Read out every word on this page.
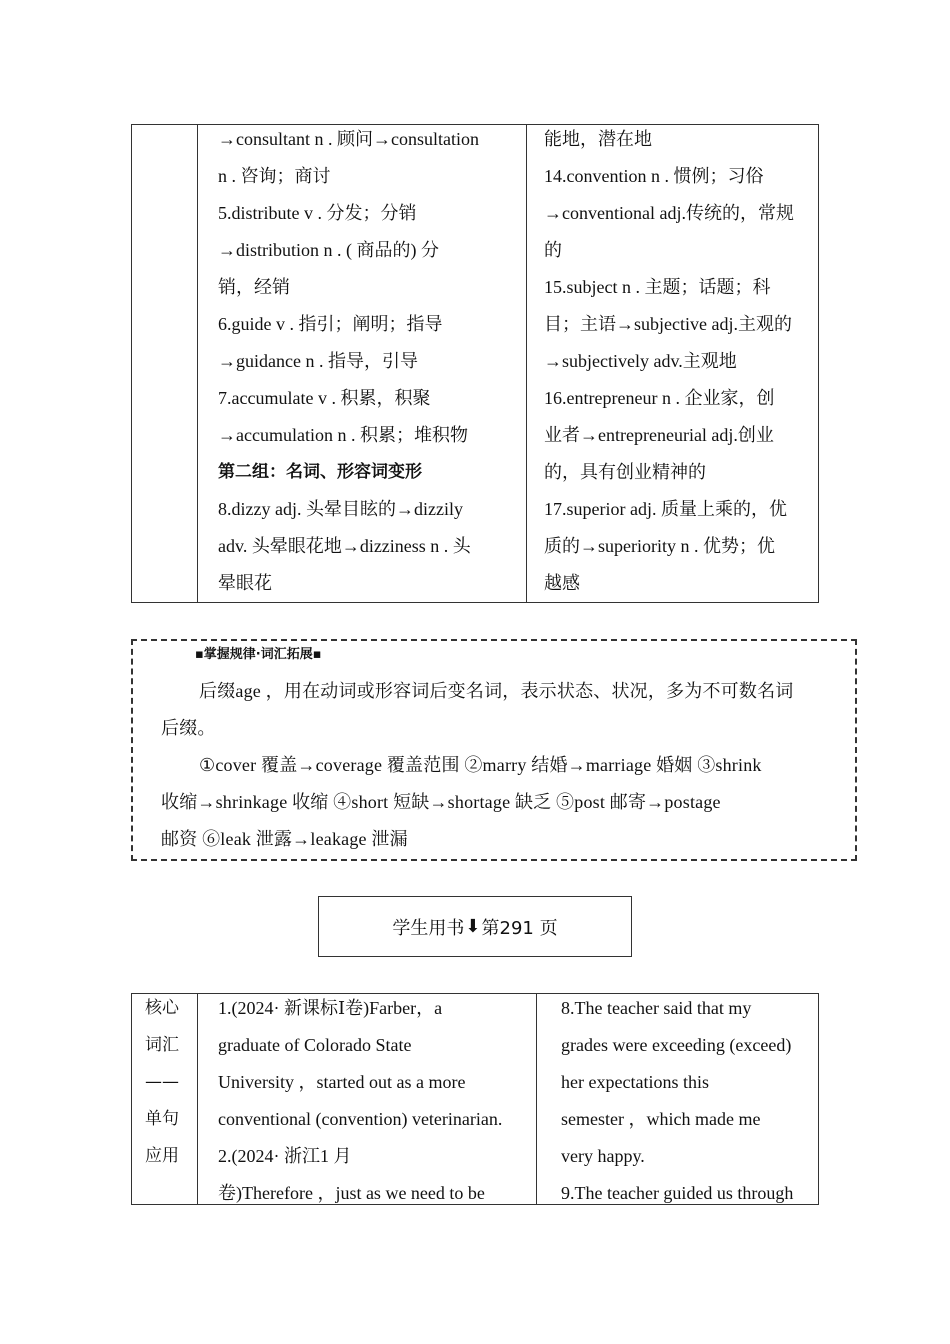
→consultant n . 顾问→consultation
n . 咨询；商讨
5.distribute v . 分发；分销
→distribution n . ( 商品的) 分
销，经销
6.guide v . 指引；阐明；指导
→guidance n . 指导，引导
7.accumulate v . 积累，积聚
→accumulation n . 积累；堆积物
第二组：名词、形容词变形
8.dizzy adj. 头晕目眩的→dizzily
adv. 头晕眼花地→dizziness n . 头
晕眼花
能地，潜在地
14.convention n . 惯例；习俗
→conventional adj.传统的，常规
的
15.subject n . 主题；话题；科
目；主语→subjective adj.主观的
→subjectively adv.主观地
16.entrepreneur n . 企业家，创
业者→entrepreneurial adj.创业
的，具有创业精神的
17.superior adj. 质量上乘的，优
质的→superiority n . 优势；优
越感
▪掌握规律·词汇拓展▪
后缀age ，用在动词或形容词后变名词，表示状态、状况，多为不可数名词
后缀。
①cover 覆盖→coverage 覆盖范围 ②marry 结婚→marriage 婚姻 ③shrink
收缩→shrinkage 收缩 ④short 短缺→shortage 缺乏 ⑤post 邮寄→postage
邮资 ⑥leak 泄露→leakage 泄漏
学生用书 ⬇ 第291 页
核心
词汇
——
单句
应用
1.(2024· 新课标Ⅰ卷)Farber，a
graduate of Colorado State
University ，started out as a more
conventional (convention) veterinarian.
2.(2024· 浙江1 月
卷)Therefore ，just as we need to be
8.The teacher said that my
grades were exceeding (exceed)
her expectations this
semester ，which made me
very happy.
9.The teacher guided us through
